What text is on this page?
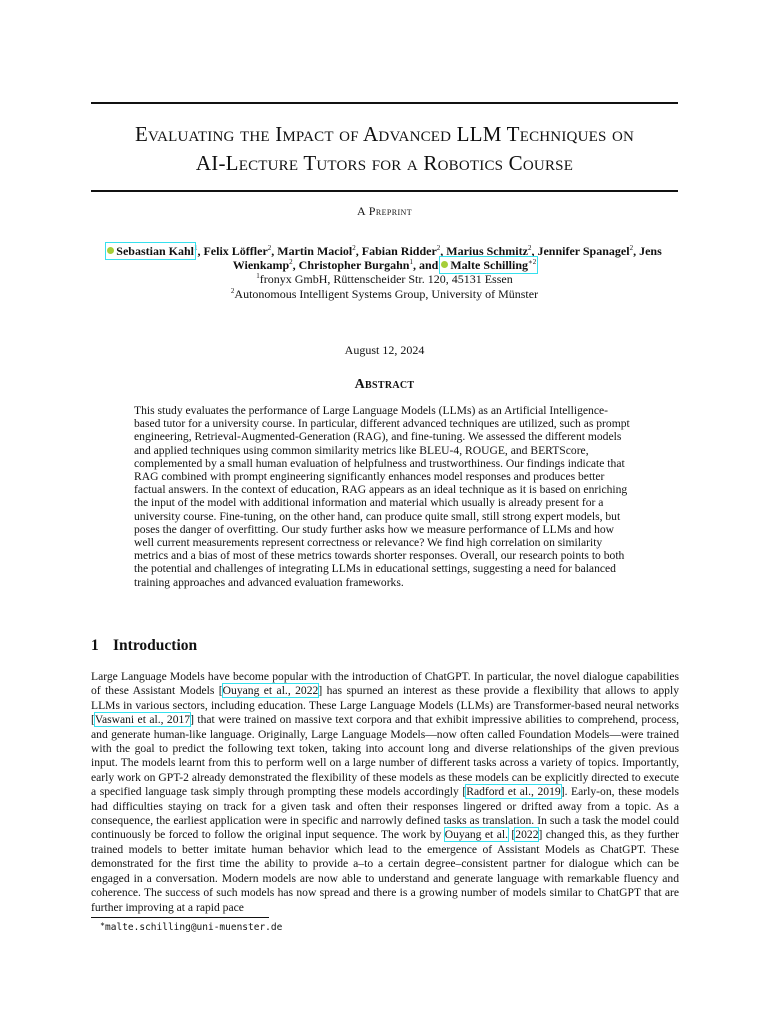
Evaluating the Impact of Advanced LLM Techniques on
AI-Lecture Tutors for a Robotics Course
A Preprint
Sebastian Kahl$^1$, Felix Löffler$^2$, Martin Maciol$^2$, Fabian Ridder$^2$, Marius Schmitz$^2$, Jennifer Spanagel$^2$, Jens Wienkamp$^2$, Christopher Burgahn$^1$, and Malte Schilling$^{∗2}$
$^1$fronyx GmbH, Rüttenscheider Str. 120, 45131 Essen
$^2$Autonomous Intelligent Systems Group, University of Münster
August 12, 2024
Abstract
This study evaluates the performance of Large Language Models (LLMs) as an Artificial Intelligence-based tutor for a university course. In particular, different advanced techniques are utilized, such as prompt engineering, Retrieval-Augmented-Generation (RAG), and fine-tuning. We assessed the different models and applied techniques using common similarity metrics like BLEU-4, ROUGE, and BERTScore, complemented by a small human evaluation of helpfulness and trustworthiness. Our findings indicate that RAG combined with prompt engineering significantly enhances model responses and produces better factual answers. In the context of education, RAG appears as an ideal technique as it is based on enriching the input of the model with additional information and material which usually is already present for a university course. Fine-tuning, on the other hand, can produce quite small, still strong expert models, but poses the danger of overfitting. Our study further asks how we measure performance of LLMs and how well current measurements represent correctness or relevance? We find high correlation on similarity metrics and a bias of most of these metrics towards shorter responses. Overall, our research points to both the potential and challenges of integrating LLMs in educational settings, suggesting a need for balanced training approaches and advanced evaluation frameworks.
1 Introduction
Large Language Models have become popular with the introduction of ChatGPT. In particular, the novel dialogue capabilities of these Assistant Models [Ouyang et al., 2022] has spurned an interest as these provide a flexibility that allows to apply LLMs in various sectors, including education. These Large Language Models (LLMs) are Transformer-based neural networks [Vaswani et al., 2017] that were trained on massive text corpora and that exhibit impressive abilities to comprehend, process, and generate human-like language. Originally, Large Language Models—now often called Foundation Models—were trained with the goal to predict the following text token, taking into account long and diverse relationships of the given previous input. The models learnt from this to perform well on a large number of different tasks across a variety of topics. Importantly, early work on GPT-2 already demonstrated the flexibility of these models as these models can be explicitly directed to execute a specified language task simply through prompting these models accordingly [Radford et al., 2019]. Early-on, these models had difficulties staying on track for a given task and often their responses lingered or drifted away from a topic. As a consequence, the earliest application were in specific and narrowly defined tasks as translation. In such a task the model could continuously be forced to follow the original input sequence. The work by Ouyang et al. [2022] changed this, as they further trained models to better imitate human behavior which lead to the emergence of Assistant Models as ChatGPT. These demonstrated for the first time the ability to provide a–to a certain degree–consistent partner for dialogue which can be engaged in a conversation. Modern models are now able to understand and generate language with remarkable fluency and coherence. The success of such models has now spread and there is a growing number of models similar to ChatGPT that are further improving at a rapid pace
∗malte.schilling@uni-muenster.de
